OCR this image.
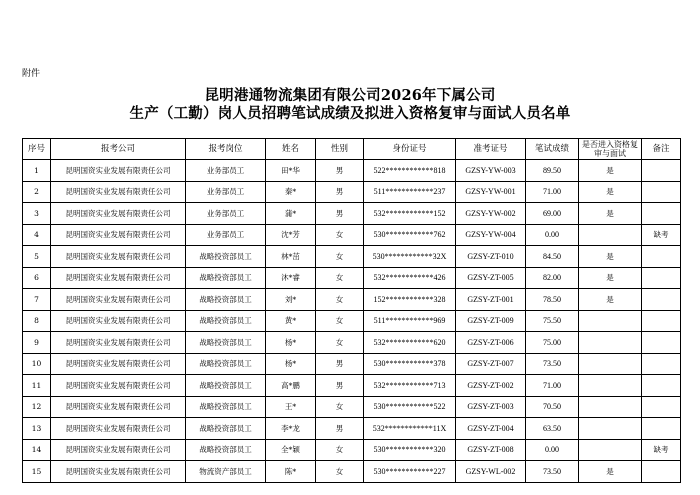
附件
昆明港通物流集团有限公司2026年下属公司
生产（工勤）岗人员招聘笔试成绩及拟进入资格复审与面试人员名单
序号	报考公司	报考岗位	姓名	性别	身份证号	准考证号	笔试成绩	是否进入资格复审与面试	备注
1	昆明国资实业发展有限责任公司	业务部员工	田*华	男	522************818	GZSY-YW-003	89.50	是	
2	昆明国资实业发展有限责任公司	业务部员工	秦*	男	511************237	GZSY-YW-001	71.00	是	
3	昆明国资实业发展有限责任公司	业务部员工	蒲*	男	532************152	GZSY-YW-002	69.00	是	
4	昆明国资实业发展有限责任公司	业务部员工	沈*芳	女	530************762	GZSY-YW-004	0.00		缺考
5	昆明国资实业发展有限责任公司	战略投资部员工	林*茁	女	530************32X	GZSY-ZT-010	84.50	是	
6	昆明国资实业发展有限责任公司	战略投资部员工	沐*睿	女	532************426	GZSY-ZT-005	82.00	是	
7	昆明国资实业发展有限责任公司	战略投资部员工	刘*	女	152************328	GZSY-ZT-001	78.50	是	
8	昆明国资实业发展有限责任公司	战略投资部员工	黄*	女	511************969	GZSY-ZT-009	75.50		
9	昆明国资实业发展有限责任公司	战略投资部员工	杨*	女	532************620	GZSY-ZT-006	75.00		
10	昆明国资实业发展有限责任公司	战略投资部员工	杨*	男	530************378	GZSY-ZT-007	73.50		
11	昆明国资实业发展有限责任公司	战略投资部员工	高*鹏	男	532************713	GZSY-ZT-002	71.00		
12	昆明国资实业发展有限责任公司	战略投资部员工	王*	女	530************522	GZSY-ZT-003	70.50		
13	昆明国资实业发展有限责任公司	战略投资部员工	李*龙	男	532************11X	GZSY-ZT-004	63.50		
14	昆明国资实业发展有限责任公司	战略投资部员工	全*颖	女	530************320	GZSY-ZT-008	0.00		缺考
15	昆明国资实业发展有限责任公司	物流资产部员工	陈*	女	530************227	GZSY-WL-002	73.50	是	
